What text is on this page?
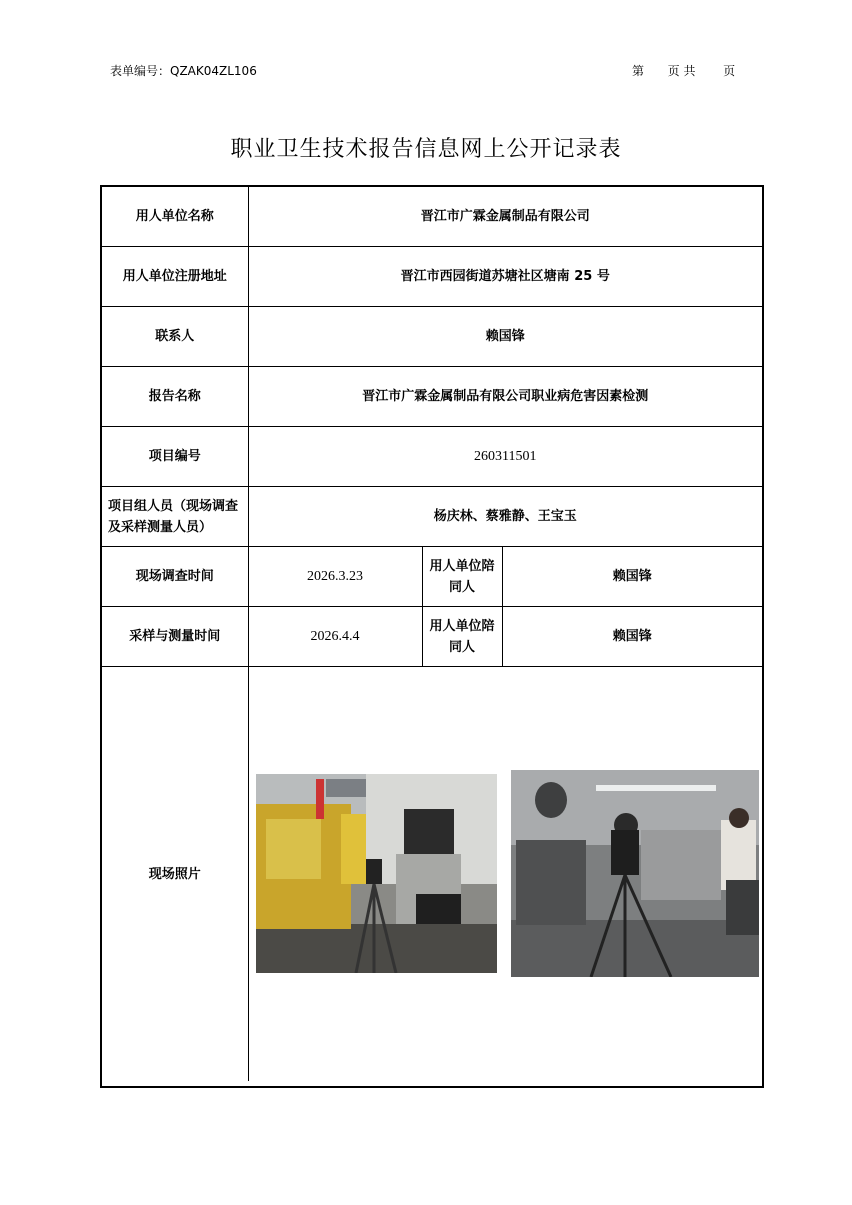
表单编号：QZAK04ZL106	第 页 共 页
职业卫生技术报告信息网上公开记录表
用人单位名称	晋江市广霖金属制品有限公司		
用人单位注册地址	晋江市西园街道苏塘社区塘南 25 号		
联系人	赖国锋		
报告名称	晋江市广霖金属制品有限公司职业病危害因素检测		
项目编号	260311501		
项目组人员（现场调查及采样测量人员）	杨庆林、蔡雅静、王宝玉		
现场调查时间	2026.3.23	用人单位陪同人	赖国锋
采样与测量时间	2026.4.4	用人单位陪同人	赖国锋
现场照片	
